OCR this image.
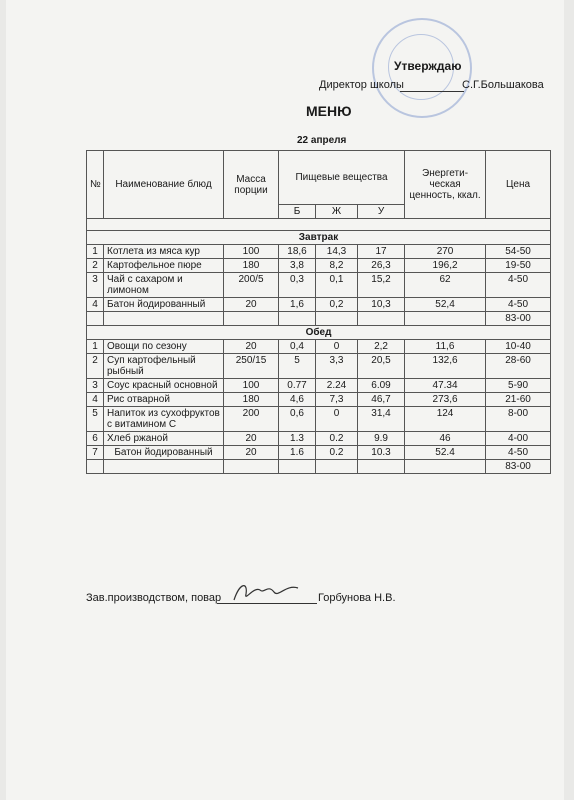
Утверждаю
Директор школы	С.Г.Большакова
МЕНЮ
22 апреля
№	Наименование блюд	Масса порции	Пищевые вещества			Энергети-ческая ценность, ккал.	Цена
			Б	Ж	У		

Завтрак							
1	Котлета из мяса кур	100	18,6	14,3	17	270	54-50
2	Картофельное пюре	180	3,8	8,2	26,3	196,2	19-50
3	Чай с сахаром и лимоном	200/5	0,3	0,1	15,2	62	4-50
4	Батон йодированный	20	1,6	0,2	10,3	52,4	4-50
							83-00
Обед							
1	Овощи по сезону	20	0,4	0	2,2	11,6	10-40
2	Суп картофельный рыбный	250/15	5	3,3	20,5	132,6	28-60
3	Соус красный основной	100	0.77	2.24	6.09	47.34	5-90
4	Рис отварной	180	4,6	7,3	46,7	273,6	21-60
5	Напиток из сухофруктов с витамином С	200	0,6	0	31,4	124	8-00
6	Хлеб ржаной	20	1.3	0.2	9.9	46	4-00
7	Батон йодированный	20	1.6	0.2	10.3	52.4	4-50
							83-00
Зав.производством, повар	Горбунова Н.В.
